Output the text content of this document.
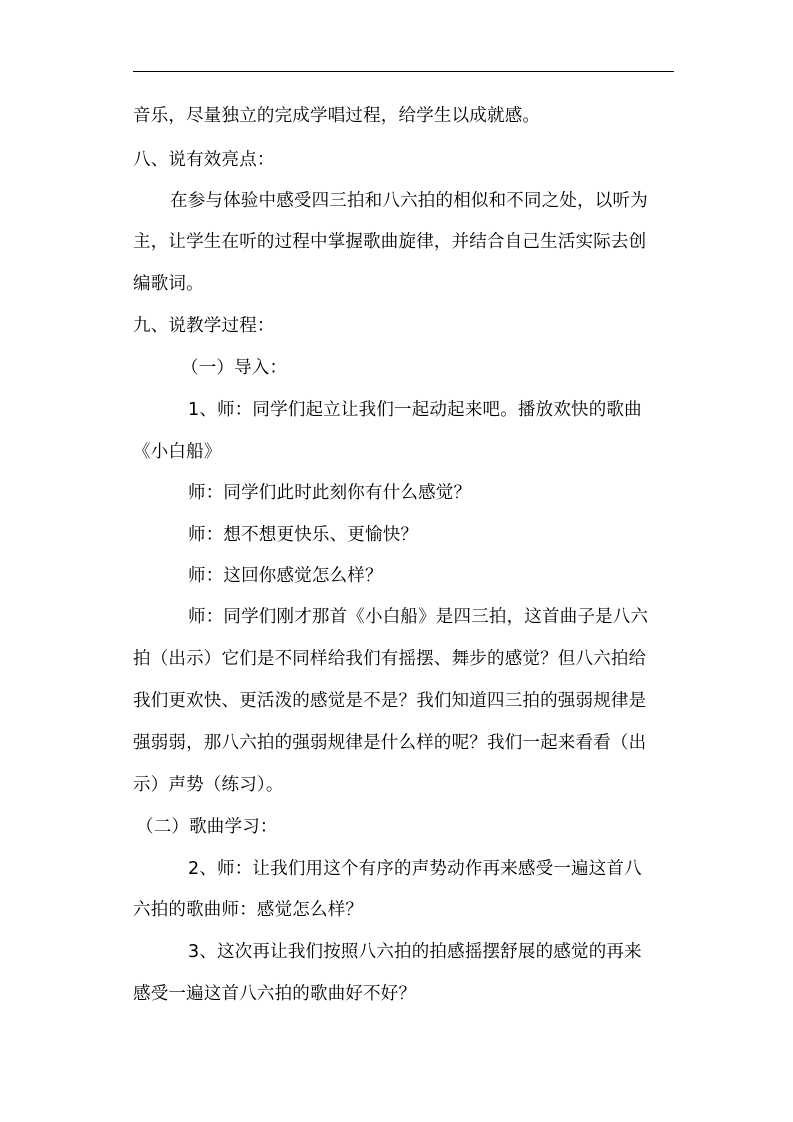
音乐，尽量独立的完成学唱过程，给学生以成就感。
八、说有效亮点：
在参与体验中感受四三拍和八六拍的相似和不同之处，以听为
主，让学生在听的过程中掌握歌曲旋律，并结合自己生活实际去创
编歌词。
九、说教学过程：
（一）导入：
1、师：同学们起立让我们一起动起来吧。播放欢快的歌曲
《小白船》
师：同学们此时此刻你有什么感觉？
师：想不想更快乐、更愉快？
师：这回你感觉怎么样？
师：同学们刚才那首《小白船》是四三拍，这首曲子是八六
拍（出示）它们是不同样给我们有摇摆、舞步的感觉？但八六拍给
我们更欢快、更活泼的感觉是不是？我们知道四三拍的强弱规律是
强弱弱，那八六拍的强弱规律是什么样的呢？我们一起来看看（出
示）声势（练习）。
（二）歌曲学习：
2、师：让我们用这个有序的声势动作再来感受一遍这首八
六拍的歌曲师：感觉怎么样？
3、这次再让我们按照八六拍的拍感摇摆舒展的感觉的再来
感受一遍这首八六拍的歌曲好不好？
